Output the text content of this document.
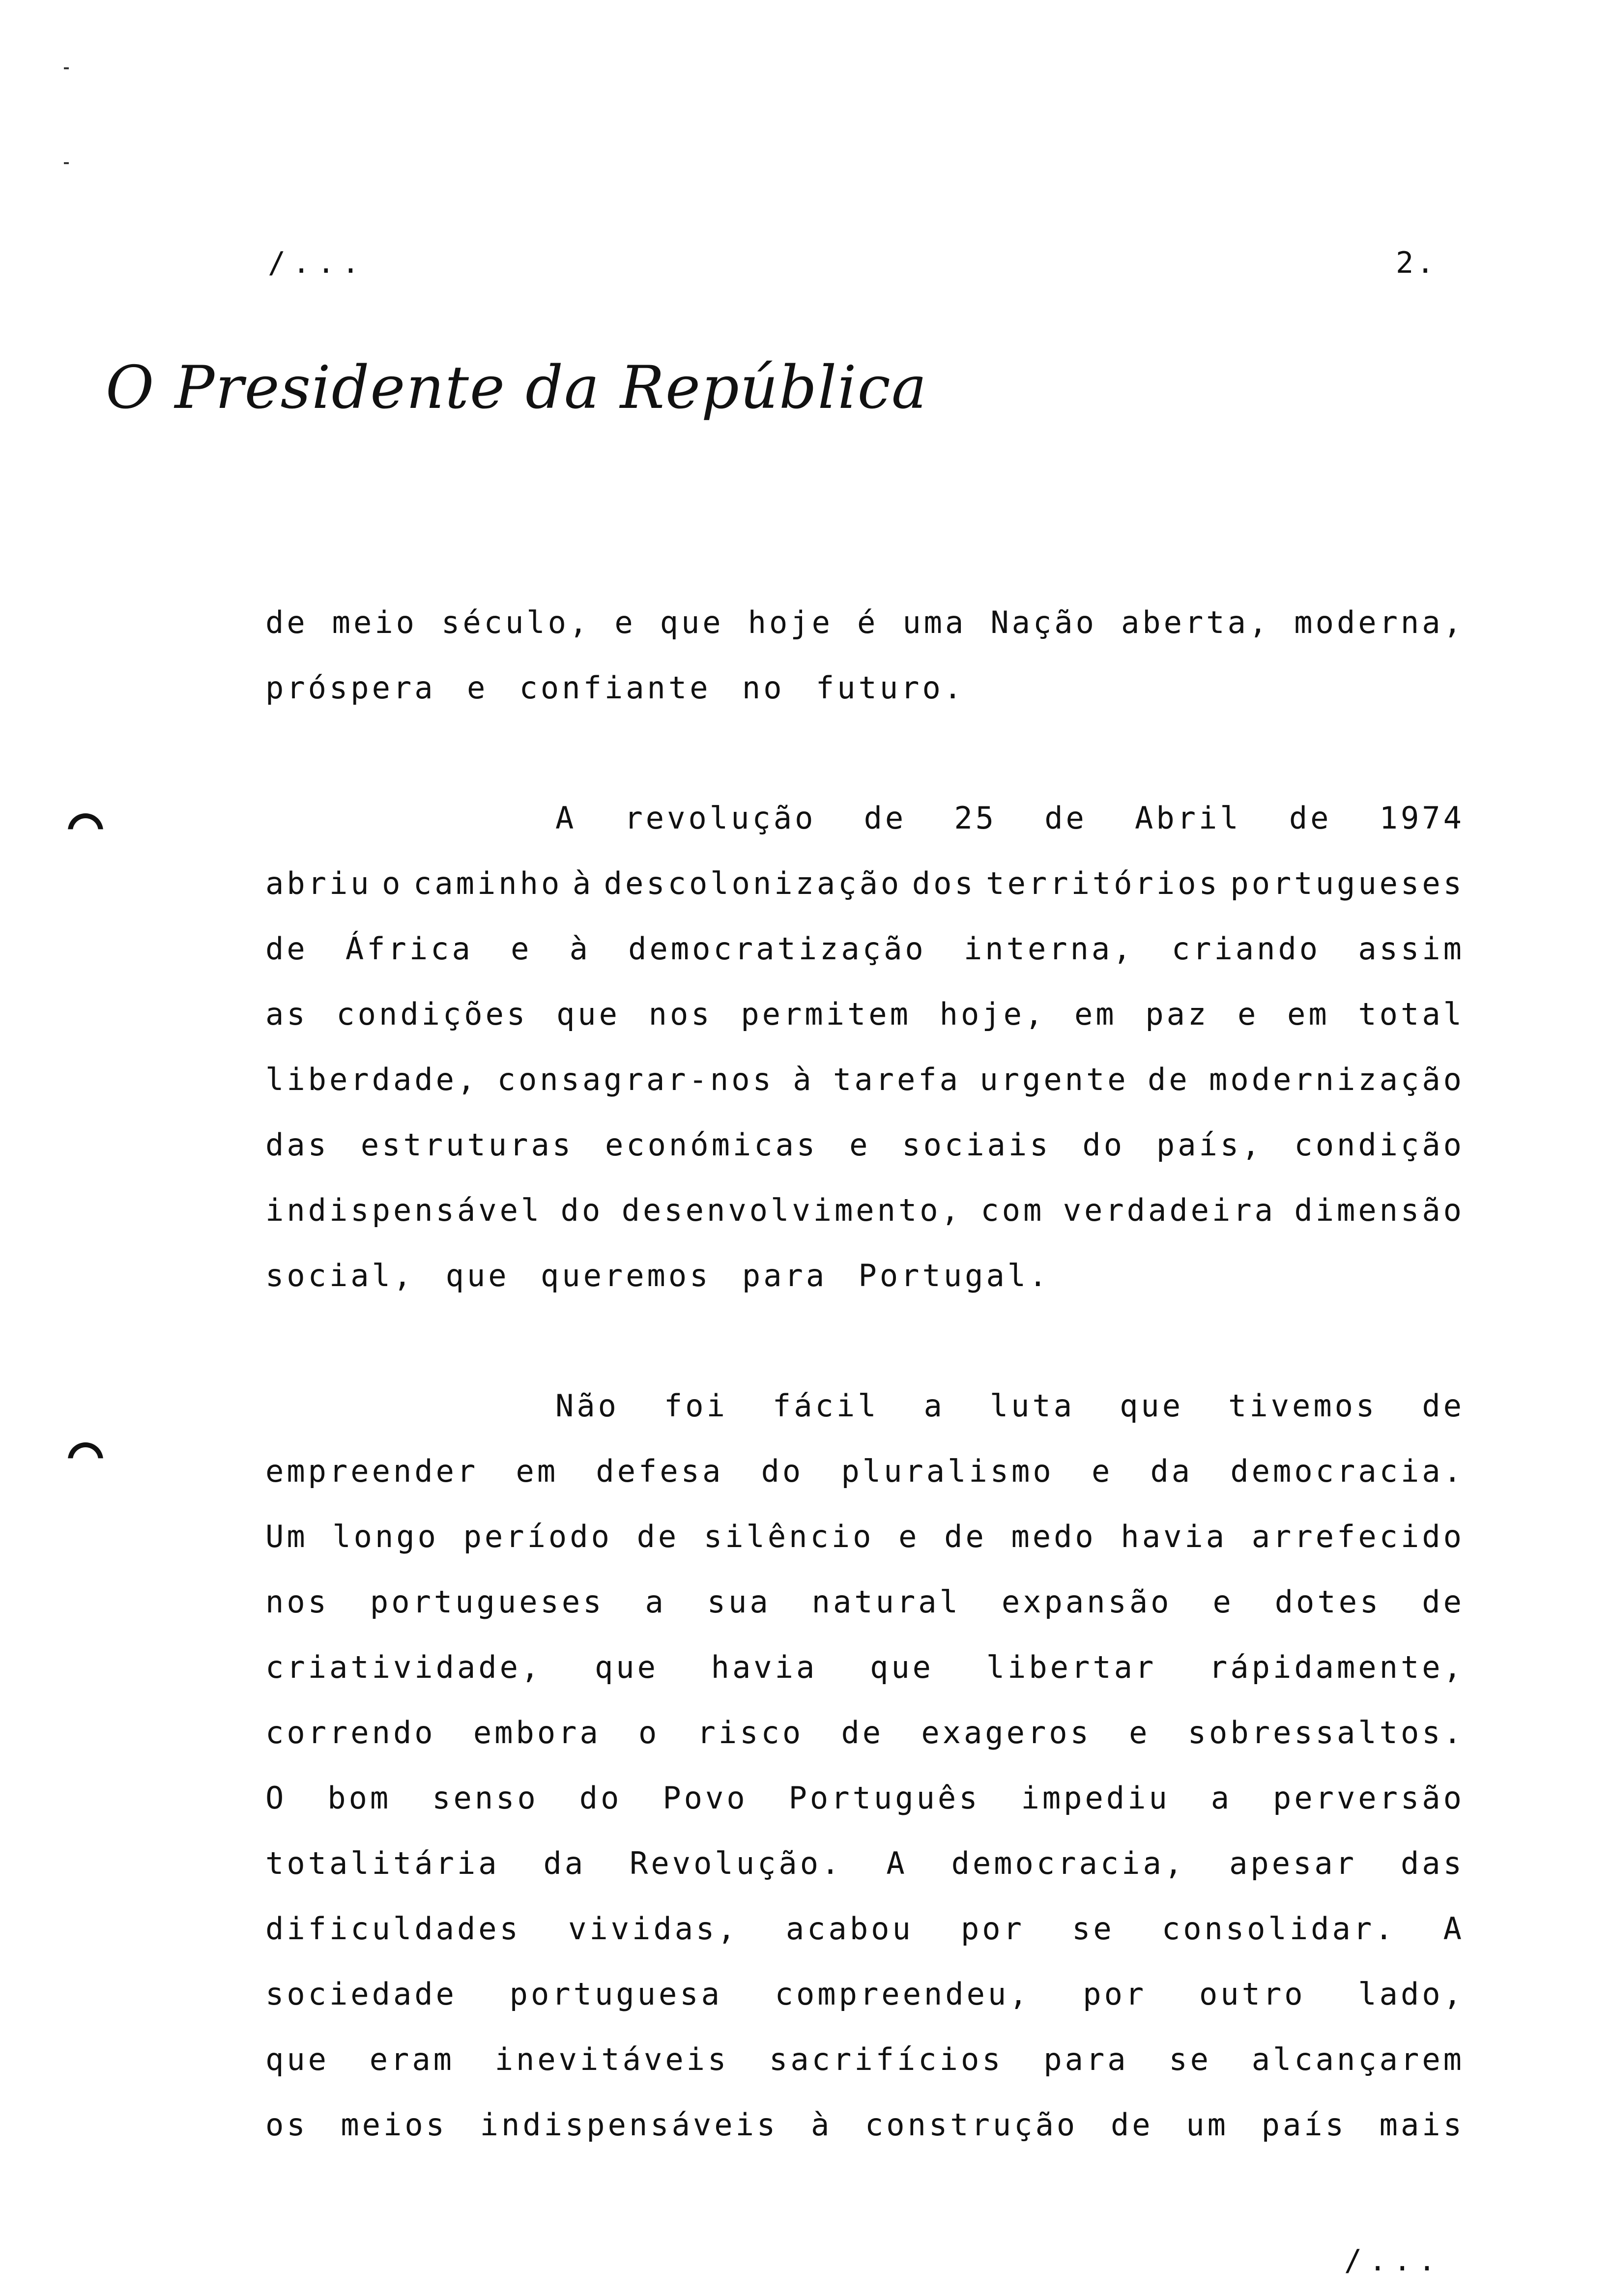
/...	2.
O Presidente da República
de meio século, e que hoje é uma Nação aberta, moderna,
próspera e confiante no futuro.
A revolução de 25 de Abril de 1974
abriu o caminho à descolonização dos territórios portugueses
de África e à democratização interna, criando assim
as condições que nos permitem hoje, em paz e em total
liberdade, consagrar-nos à tarefa urgente de modernização
das estruturas económicas e sociais do país, condição
indispensável do desenvolvimento, com verdadeira dimensão
social, que queremos para Portugal.
Não foi fácil a luta que tivemos de
empreender em defesa do pluralismo e da democracia.
Um longo período de silêncio e de medo havia arrefecido
nos portugueses a sua natural expansão e dotes de
criatividade, que havia que libertar rápidamente,
correndo embora o risco de exageros e sobressaltos.
O bom senso do Povo Português impediu a perversão
totalitária da Revolução. A democracia, apesar das
dificuldades vividas, acabou por se consolidar. A
sociedade portuguesa compreendeu, por outro lado,
que eram inevitáveis sacrifícios para se alcançarem
os meios indispensáveis à construção de um país mais
/...
